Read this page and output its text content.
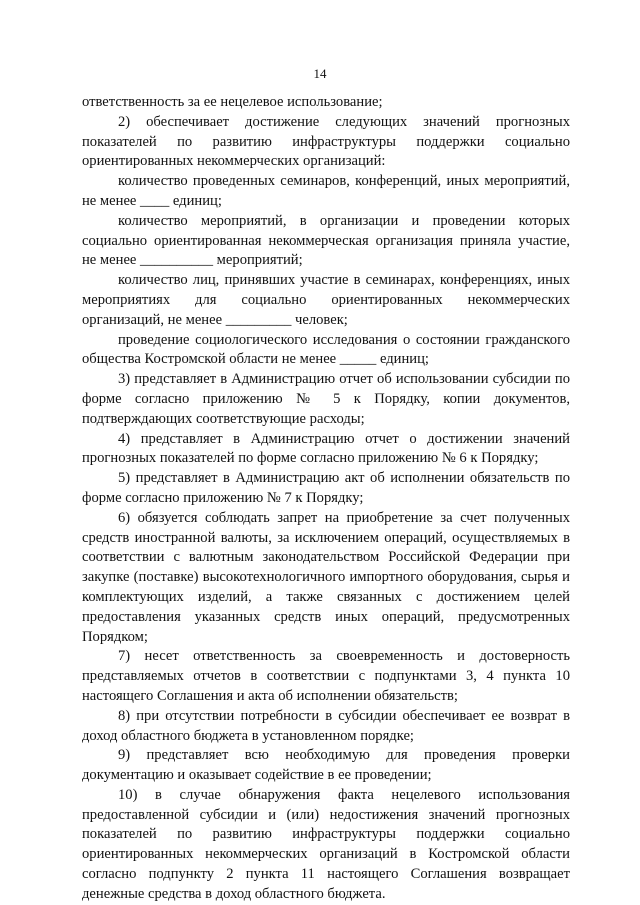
14

ответственность за ее нецелевое использование;

2) обеспечивает достижение следующих значений прогнозных показателей по развитию инфраструктуры поддержки социально ориентированных некоммерческих организаций:

количество проведенных семинаров, конференций, иных мероприятий, не менее ____ единиц;

количество мероприятий, в организации и проведении которых социально ориентированная некоммерческая организация приняла участие, не менее __________ мероприятий;

количество лиц, принявших участие в семинарах, конференциях, иных мероприятиях для социально ориентированных некоммерческих организаций, не менее _________ человек;

проведение социологического исследования о состоянии гражданского общества Костромской области не менее _____ единиц;

3) представляет в Администрацию отчет об использовании субсидии по форме согласно приложению № 5 к Порядку, копии документов, подтверждающих соответствующие расходы;

4) представляет в Администрацию отчет о достижении значений прогнозных показателей по форме согласно приложению № 6 к Порядку;

5) представляет в Администрацию акт об исполнении обязательств по форме согласно приложению № 7 к Порядку;

6) обязуется соблюдать запрет на приобретение за счет полученных средств иностранной валюты, за исключением операций, осуществляемых в соответствии с валютным законодательством Российской Федерации при закупке (поставке) высокотехнологичного импортного оборудования, сырья и комплектующих изделий, а также связанных с достижением целей предоставления указанных средств иных операций, предусмотренных Порядком;

7) несет ответственность за своевременность и достоверность представляемых отчетов в соответствии с подпунктами 3, 4 пункта 10 настоящего Соглашения и акта об исполнении обязательств;

8) при отсутствии потребности в субсидии обеспечивает ее возврат в доход областного бюджета в установленном порядке;

9) представляет всю необходимую для проведения проверки документацию и оказывает содействие в ее проведении;

10) в случае обнаружения факта нецелевого использования предоставленной субсидии и (или) недостижения значений прогнозных показателей по развитию инфраструктуры поддержки социально ориентированных некоммерческих организаций в Костромской области согласно подпункту 2 пункта 11 настоящего Соглашения возвращает денежные средства в доход областного бюджета.
